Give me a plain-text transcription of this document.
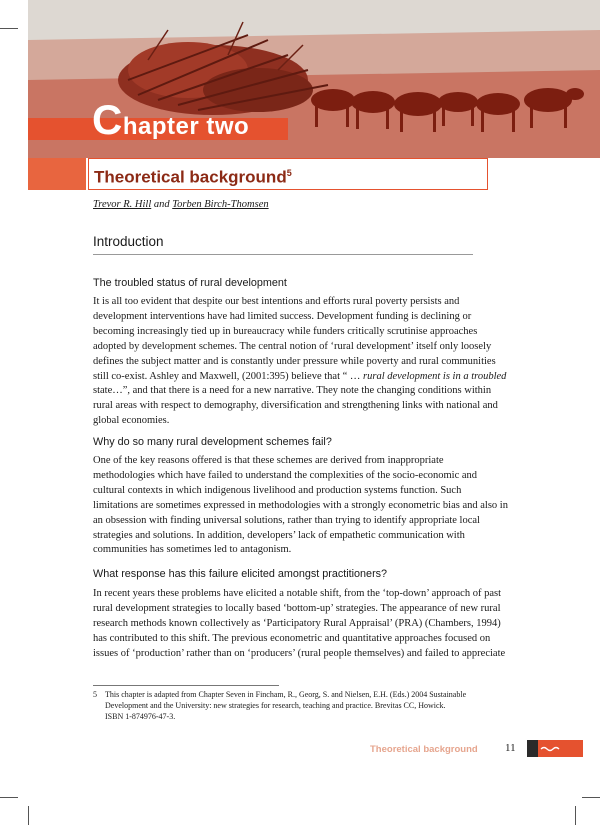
Chapter two
Theoretical background$^5$
Trevor R. Hill and Torben Birch-Thomsen
Introduction
The troubled status of rural development
It is all too evident that despite our best intentions and efforts rural poverty persists and
development interventions have had limited success. Development funding is declining or
becoming increasingly tied up in bureaucracy while funders critically scrutinise approaches
adopted by development schemes. The central notion of ‘rural development’ itself only loosely
defines the subject matter and is constantly under pressure while poverty and rural communities
still co-exist. Ashley and Maxwell, (2001:395) believe that “ … rural development is in a troubled
state…”, and that there is a need for a new narrative. They note the changing conditions within
rural areas with respect to demography, diversification and strengthening links with national and
global economies.
Why do so many rural development schemes fail?
One of the key reasons offered is that these schemes are derived from inappropriate
methodologies which have failed to understand the complexities of the socio-economic and
cultural contexts in which indigenous livelihood and production systems function. Such
limitations are sometimes expressed in methodologies with a strongly econometric bias and also in
an obsession with finding universal solutions, rather than trying to identify appropriate local
strategies and solutions. In addition, developers’ lack of empathetic communication with
communities has sometimes led to antagonism.
What response has this failure elicited amongst practitioners?
In recent years these problems have elicited a notable shift, from the ‘top-down’ approach of past
rural development strategies to locally based ‘bottom-up’ strategies. The appearance of new rural
research methods known collectively as ‘Participatory Rural Appraisal’ (PRA) (Chambers, 1994)
has contributed to this shift. The previous econometric and quantitative approaches focused on
issues of ‘production’ rather than on ‘producers’ (rural people themselves) and failed to appreciate
5 This chapter is adapted from Chapter Seven in Fincham, R., Georg, S. and Nielsen, E.H. (Eds.) 2004 Sustainable
Development and the University: new strategies for research, teaching and practice. Brevitas CC, Howick.
ISBN 1-874976-47-3.
Theoretical background 11
